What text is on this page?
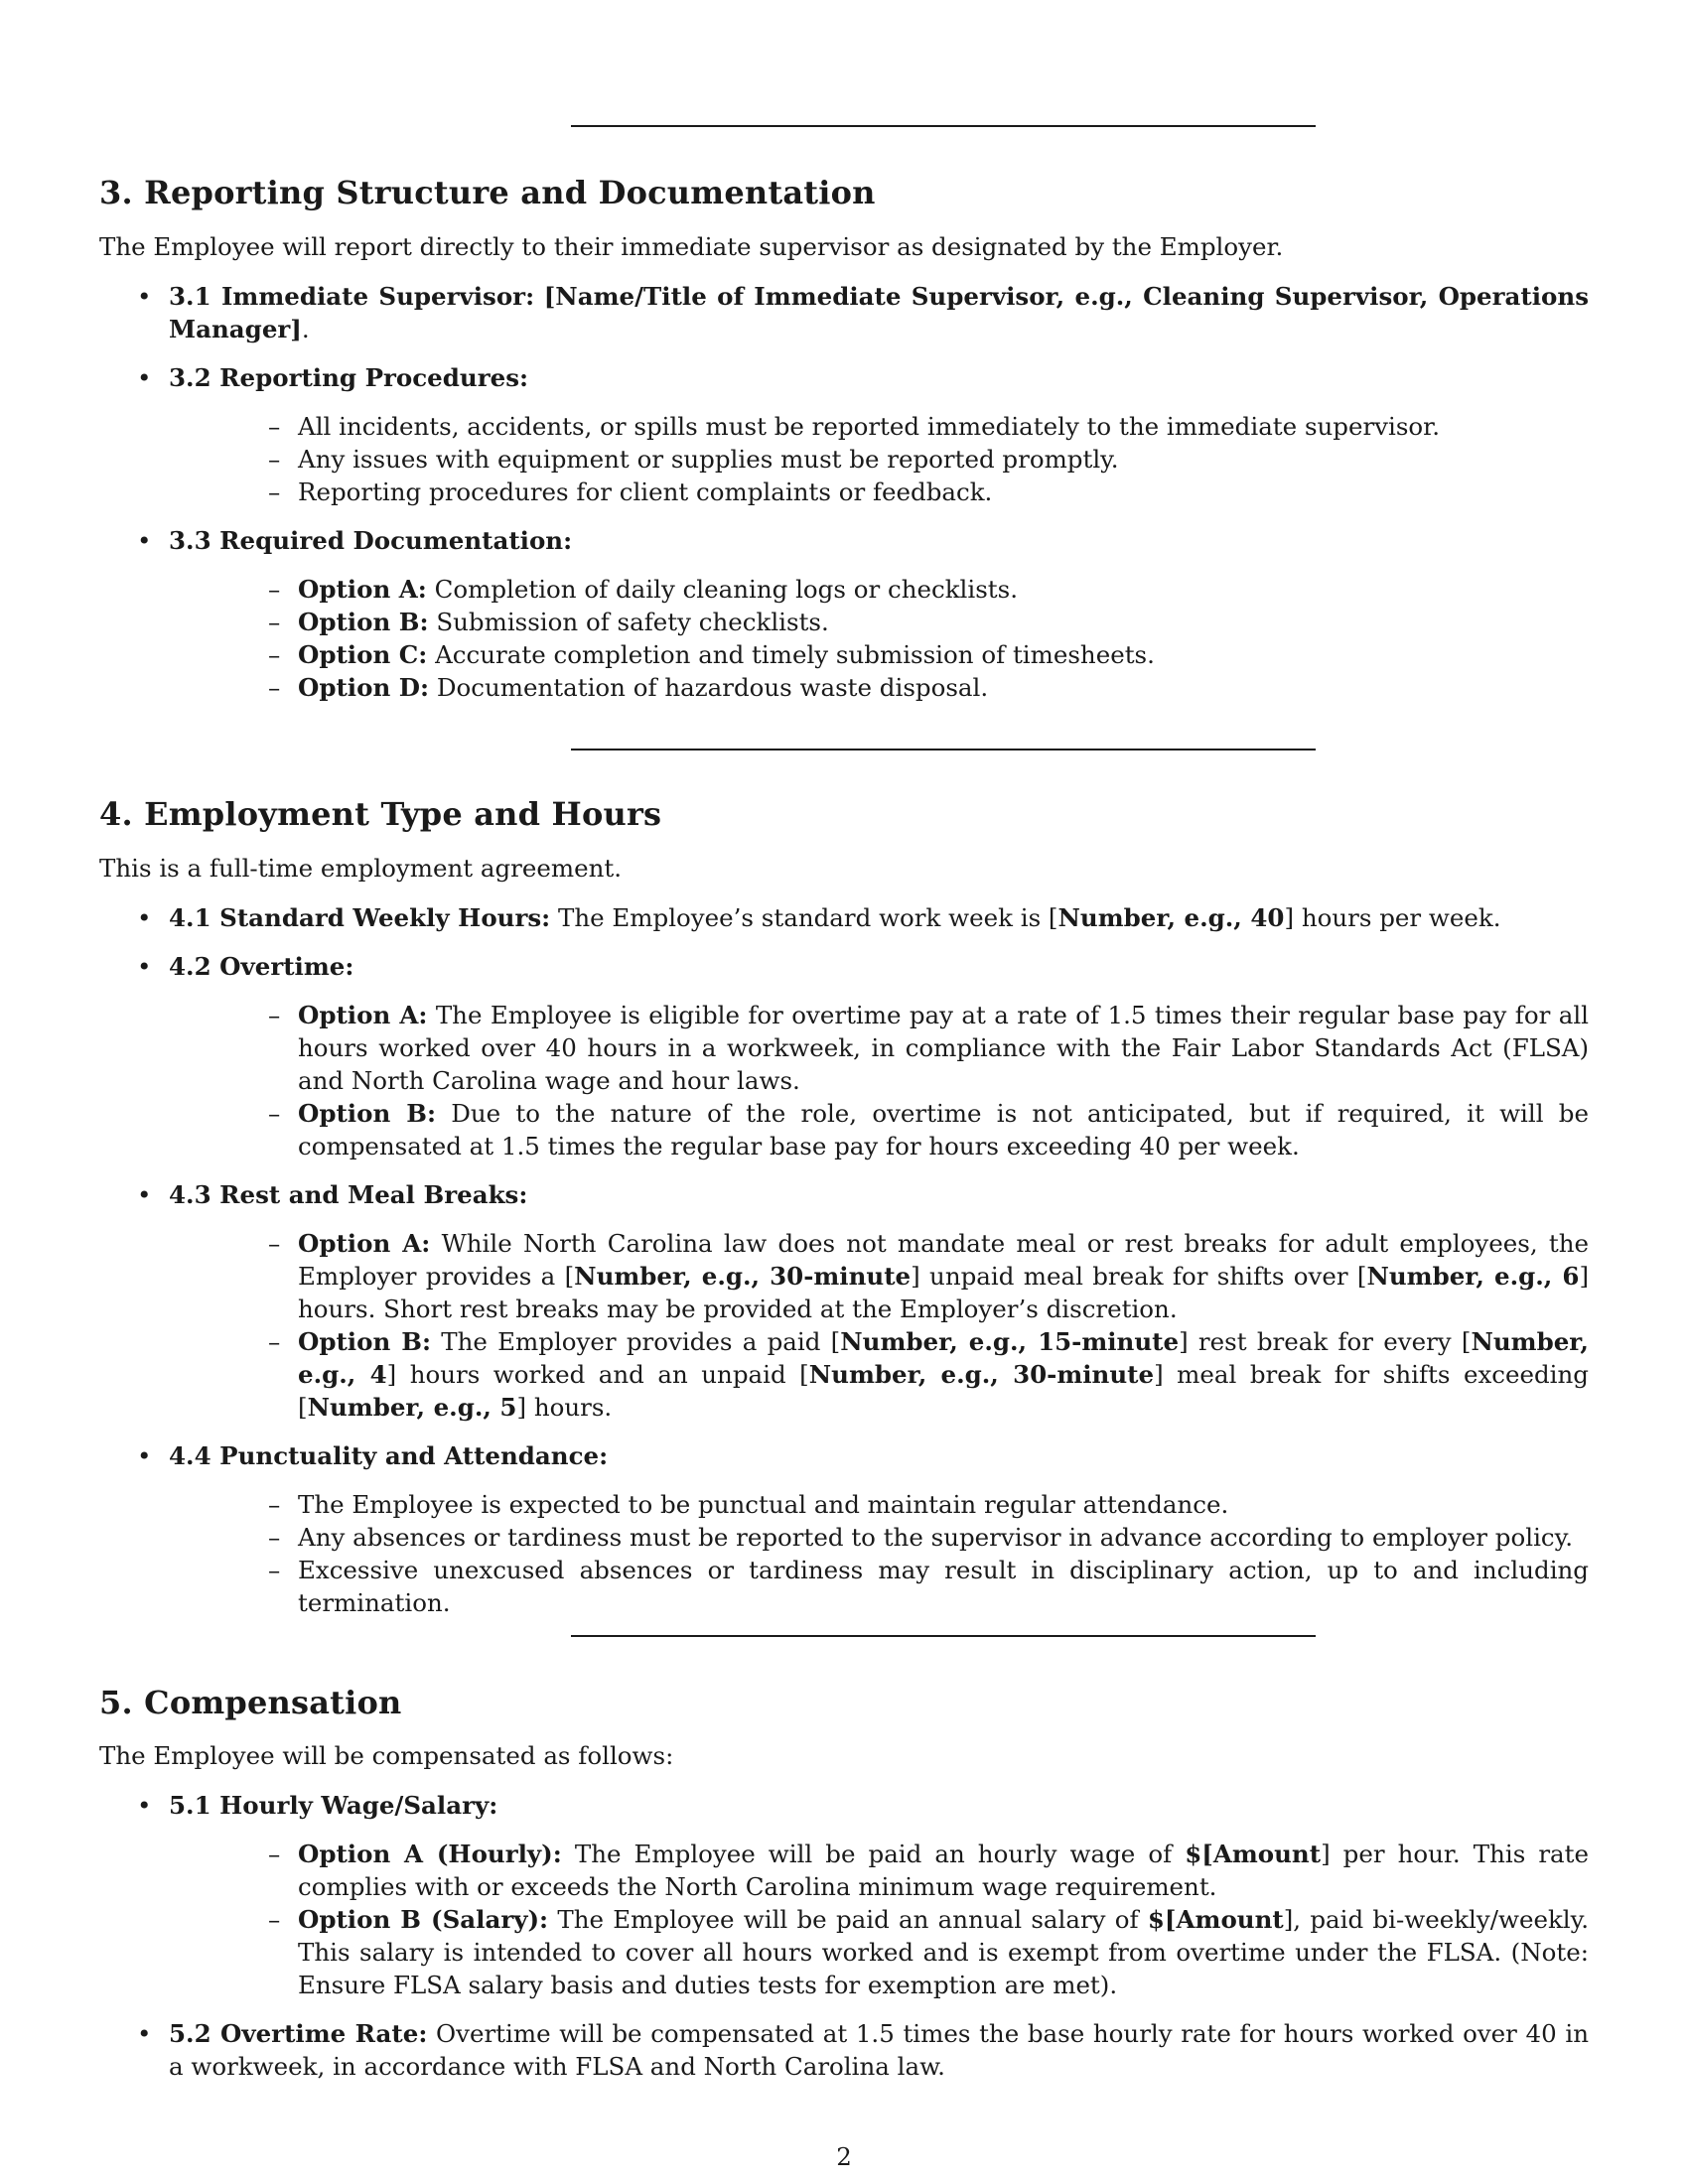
3. Reporting Structure and Documentation

The Employee will report directly to their immediate supervisor as designated by the Employer.

• 3.1 Immediate Supervisor: [Name/Title of Immediate Supervisor, e.g., Cleaning Supervisor, Operations Manager].
• 3.2 Reporting Procedures:
– All incidents, accidents, or spills must be reported immediately to the immediate supervisor.
– Any issues with equipment or supplies must be reported promptly.
– Reporting procedures for client complaints or feedback.
• 3.3 Required Documentation:
– Option A: Completion of daily cleaning logs or checklists.
– Option B: Submission of safety checklists.
– Option C: Accurate completion and timely submission of timesheets.
– Option D: Documentation of hazardous waste disposal.
4. Employment Type and Hours

This is a full-time employment agreement.

• 4.1 Standard Weekly Hours: The Employee’s standard work week is [Number, e.g., 40] hours per week.
• 4.2 Overtime:
– Option A: The Employee is eligible for overtime pay at a rate of 1.5 times their regular base pay for all hours worked over 40 hours in a workweek, in compliance with the Fair Labor Standards Act (FLSA) and North Carolina wage and hour laws.
– Option B: Due to the nature of the role, overtime is not anticipated, but if required, it will be compensated at 1.5 times the regular base pay for hours exceeding 40 per week.
• 4.3 Rest and Meal Breaks:
– Option A: While North Carolina law does not mandate meal or rest breaks for adult employees, the Employer provides a [Number, e.g., 30-minute] unpaid meal break for shifts over [Number, e.g., 6] hours. Short rest breaks may be provided at the Employer’s discretion.
– Option B: The Employer provides a paid [Number, e.g., 15-minute] rest break for every [Number, e.g., 4] hours worked and an unpaid [Number, e.g., 30-minute] meal break for shifts exceeding [Number, e.g., 5] hours.
• 4.4 Punctuality and Attendance:
– The Employee is expected to be punctual and maintain regular attendance.
– Any absences or tardiness must be reported to the supervisor in advance according to employer policy.
– Excessive unexcused absences or tardiness may result in disciplinary action, up to and including termination.
5. Compensation

The Employee will be compensated as follows:

• 5.1 Hourly Wage/Salary:
– Option A (Hourly): The Employee will be paid an hourly wage of $[Amount] per hour. This rate complies with or exceeds the North Carolina minimum wage requirement.
– Option B (Salary): The Employee will be paid an annual salary of $[Amount], paid bi-weekly/weekly. This salary is intended to cover all hours worked and is exempt from overtime under the FLSA. (Note: Ensure FLSA salary basis and duties tests for exemption are met).
• 5.2 Overtime Rate: Overtime will be compensated at 1.5 times the base hourly rate for hours worked over 40 in a workweek, in accordance with FLSA and North Carolina law.
2
